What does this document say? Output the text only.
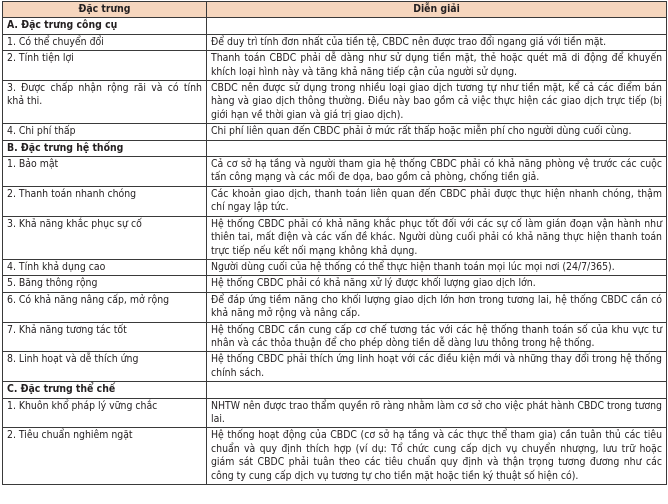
Đặc trưng	Diễn giải
A. Đặc trưng công cụ	
1. Có thể chuyển đổi	Để duy trì tính đơn nhất của tiền tệ, CBDC nên được trao đổi ngang giá với tiền mặt.
2. Tính tiện lợi	Thanh toán CBDC phải dễ dàng như sử dụng tiền mặt, thẻ hoặc quét mã di động để khuyến khích loại hình này và tăng khả năng tiếp cận của người sử dụng.
3. Được chấp nhận rộng rãi và có tính khả thi.	CBDC nên được sử dụng trong nhiều loại giao dịch tương tự như tiền mặt, kể cả các điểm bán hàng và giao dịch thông thường. Điều này bao gồm cả việc thực hiện các giao dịch trực tiếp (bị giới hạn về thời gian và giá trị giao dịch).
4. Chi phí thấp	Chi phí liên quan đến CBDC phải ở mức rất thấp hoặc miễn phí cho người dùng cuối cùng.
B. Đặc trưng hệ thống	
1. Bảo mật	Cả cơ sở hạ tầng và người tham gia hệ thống CBDC phải có khả năng phòng vệ trước các cuộc tấn công mạng và các mối đe dọa, bao gồm cả phòng, chống tiền giả.
2. Thanh toán nhanh chóng	Các khoản giao dịch, thanh toán liên quan đến CBDC phải được thực hiện nhanh chóng, thậm chí ngay lập tức.
3. Khả năng khắc phục sự cố	Hệ thống CBDC phải có khả năng khắc phục tốt đối với các sự cố làm gián đoạn vận hành như thiên tai, mất điện và các vấn đề khác. Người dùng cuối phải có khả năng thực hiện thanh toán trực tiếp nếu kết nối mạng không khả dụng.
4. Tính khả dụng cao	Người dùng cuối của hệ thống có thể thực hiện thanh toán mọi lúc mọi nơi (24/7/365).
5. Băng thông rộng	Hệ thống CBDC phải có khả năng xử lý được khối lượng giao dịch lớn.
6. Có khả năng nâng cấp, mở rộng	Để đáp ứng tiềm năng cho khối lượng giao dịch lớn hơn trong tương lai, hệ thống CBDC cần có khả năng mở rộng và nâng cấp.
7. Khả năng tương tác tốt	Hệ thống CBDC cần cung cấp cơ chế tương tác với các hệ thống thanh toán số của khu vực tư nhân và các thỏa thuận để cho phép dòng tiền dễ dàng lưu thông trong hệ thống.
8. Linh hoạt và dễ thích ứng	Hệ thống CBDC phải thích ứng linh hoạt với các điều kiện mới và những thay đổi trong hệ thống chính sách.
C. Đặc trưng thể chế	
1. Khuôn khổ pháp lý vững chắc	NHTW nên được trao thẩm quyền rõ ràng nhằm làm cơ sở cho việc phát hành CBDC trong tương lai.
2. Tiêu chuẩn nghiêm ngặt	Hệ thống hoạt động của CBDC (cơ sở hạ tầng và các thực thể tham gia) cần tuân thủ các tiêu chuẩn và quy định thích hợp (ví dụ: Tổ chức cung cấp dịch vụ chuyển nhượng, lưu trữ hoặc giám sát CBDC phải tuân theo các tiêu chuẩn quy định và thận trọng tương đương như các công ty cung cấp dịch vụ tương tự cho tiền mặt hoặc tiền ký thuật số hiện có).
